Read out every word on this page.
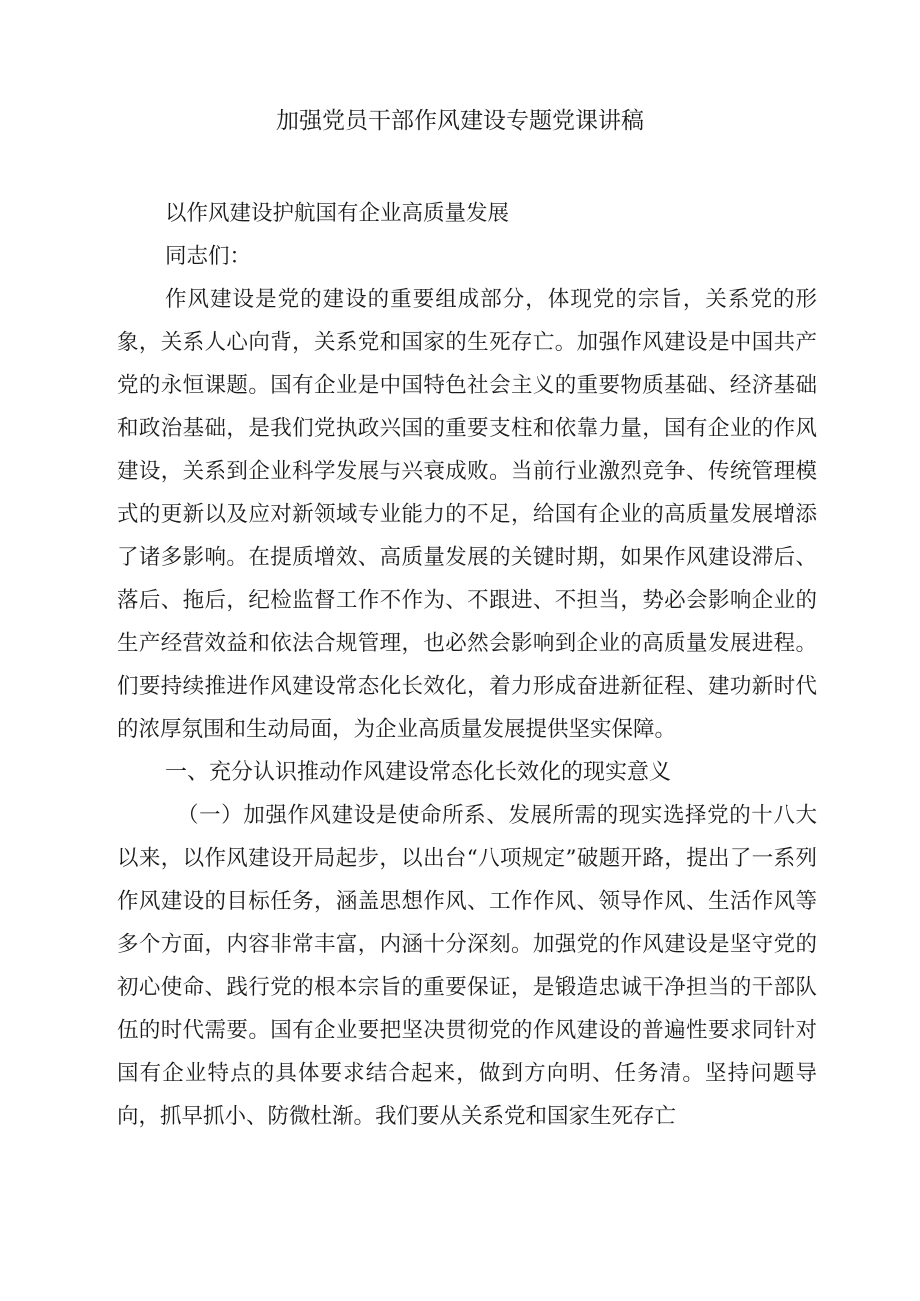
加强党员干部作风建设专题党课讲稿

以作风建设护航国有企业高质量发展

同志们：

作风建设是党的建设的重要组成部分，体现党的宗旨，关系党的形象，关系人心向背，关系党和国家的生死存亡。加强作风建设是中国共产党的永恒课题。国有企业是中国特色社会主义的重要物质基础、经济基础和政治基础，是我们党执政兴国的重要支柱和依靠力量，国有企业的作风建设，关系到企业科学发展与兴衰成败。当前行业激烈竞争、传统管理模式的更新以及应对新领域专业能力的不足，给国有企业的高质量发展增添了诸多影响。在提质增效、高质量发展的关键时期，如果作风建设滞后、落后、拖后，纪检监督工作不作为、不跟进、不担当，势必会影响企业的生产经营效益和依法合规管理，也必然会影响到企业的高质量发展进程。们要持续推进作风建设常态化长效化，着力形成奋进新征程、建功新时代的浓厚氛围和生动局面，为企业高质量发展提供坚实保障。

一、充分认识推动作风建设常态化长效化的现实意义

（一）加强作风建设是使命所系、发展所需的现实选择党的十八大以来，以作风建设开局起步，以出台“八项规定”破题开路，提出了一系列作风建设的目标任务，涵盖思想作风、工作作风、领导作风、生活作风等多个方面，内容非常丰富，内涵十分深刻。加强党的作风建设是坚守党的初心使命、践行党的根本宗旨的重要保证，是锻造忠诚干净担当的干部队伍的时代需要。国有企业要把坚决贯彻党的作风建设的普遍性要求同针对国有企业特点的具体要求结合起来，做到方向明、任务清。坚持问题导向，抓早抓小、防微杜渐。我们要从关系党和国家生死存亡
